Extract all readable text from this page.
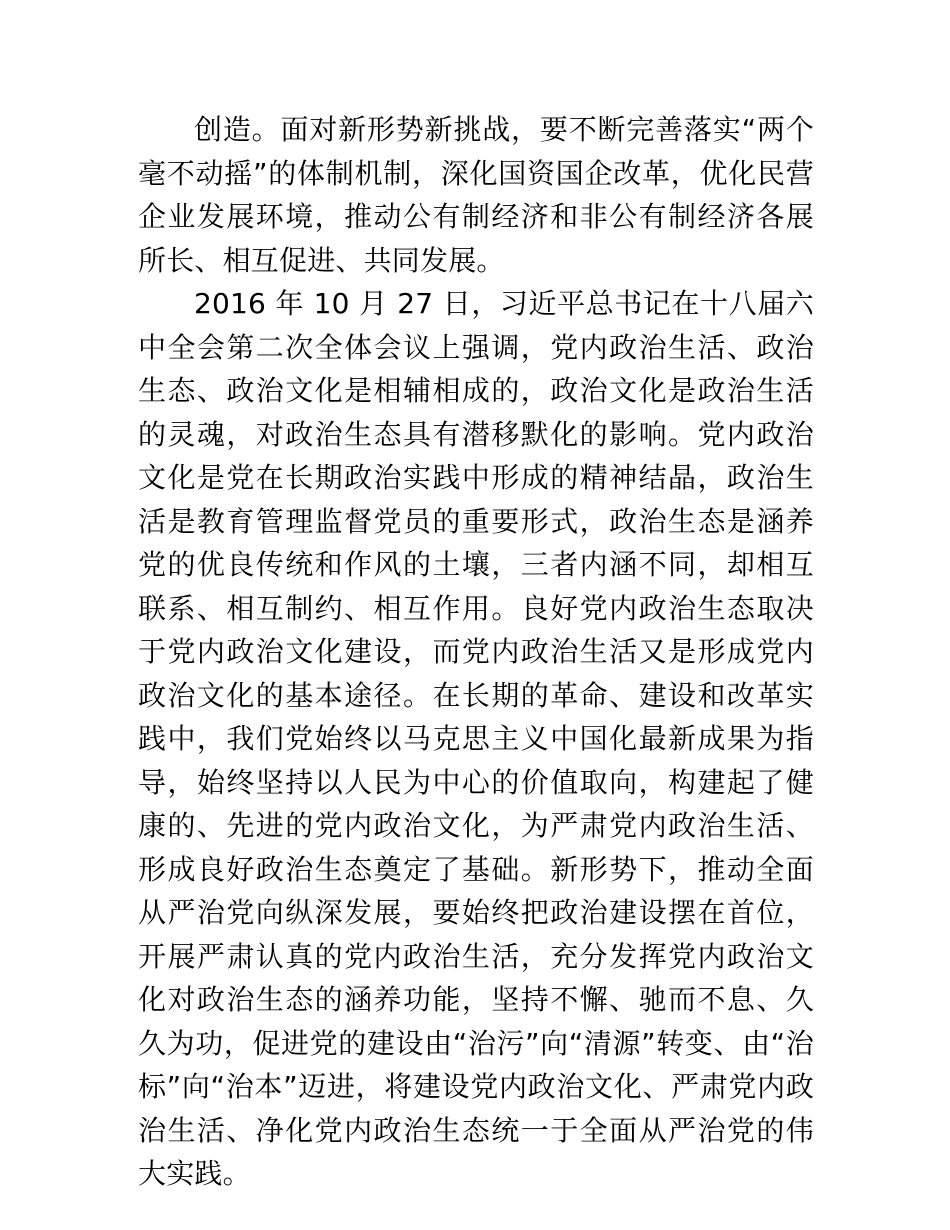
创造。面对新形势新挑战，要不断完善落实“两个毫不动摇”的体制机制，深化国资国企改革，优化民营企业发展环境，推动公有制经济和非公有制经济各展所长、相互促进、共同发展。

2016 年 10 月 27 日，习近平总书记在十八届六中全会第二次全体会议上强调，党内政治生活、政治生态、政治文化是相辅相成的，政治文化是政治生活的灵魂，对政治生态具有潜移默化的影响。党内政治文化是党在长期政治实践中形成的精神结晶，政治生活是教育管理监督党员的重要形式，政治生态是涵养党的优良传统和作风的土壤，三者内涵不同，却相互联系、相互制约、相互作用。良好党内政治生态取决于党内政治文化建设，而党内政治生活又是形成党内政治文化的基本途径。在长期的革命、建设和改革实践中，我们党始终以马克思主义中国化最新成果为指导，始终坚持以人民为中心的价值取向，构建起了健康的、先进的党内政治文化，为严肃党内政治生活、形成良好政治生态奠定了基础。新形势下，推动全面从严治党向纵深发展，要始终把政治建设摆在首位，开展严肃认真的党内政治生活，充分发挥党内政治文化对政治生态的涵养功能，坚持不懈、驰而不息、久久为功，促进党的建设由“治污”向“清源”转变、由“治标”向“治本”迈进，将建设党内政治文化、严肃党内政治生活、净化党内政治生态统一于全面从严治党的伟大实践。
